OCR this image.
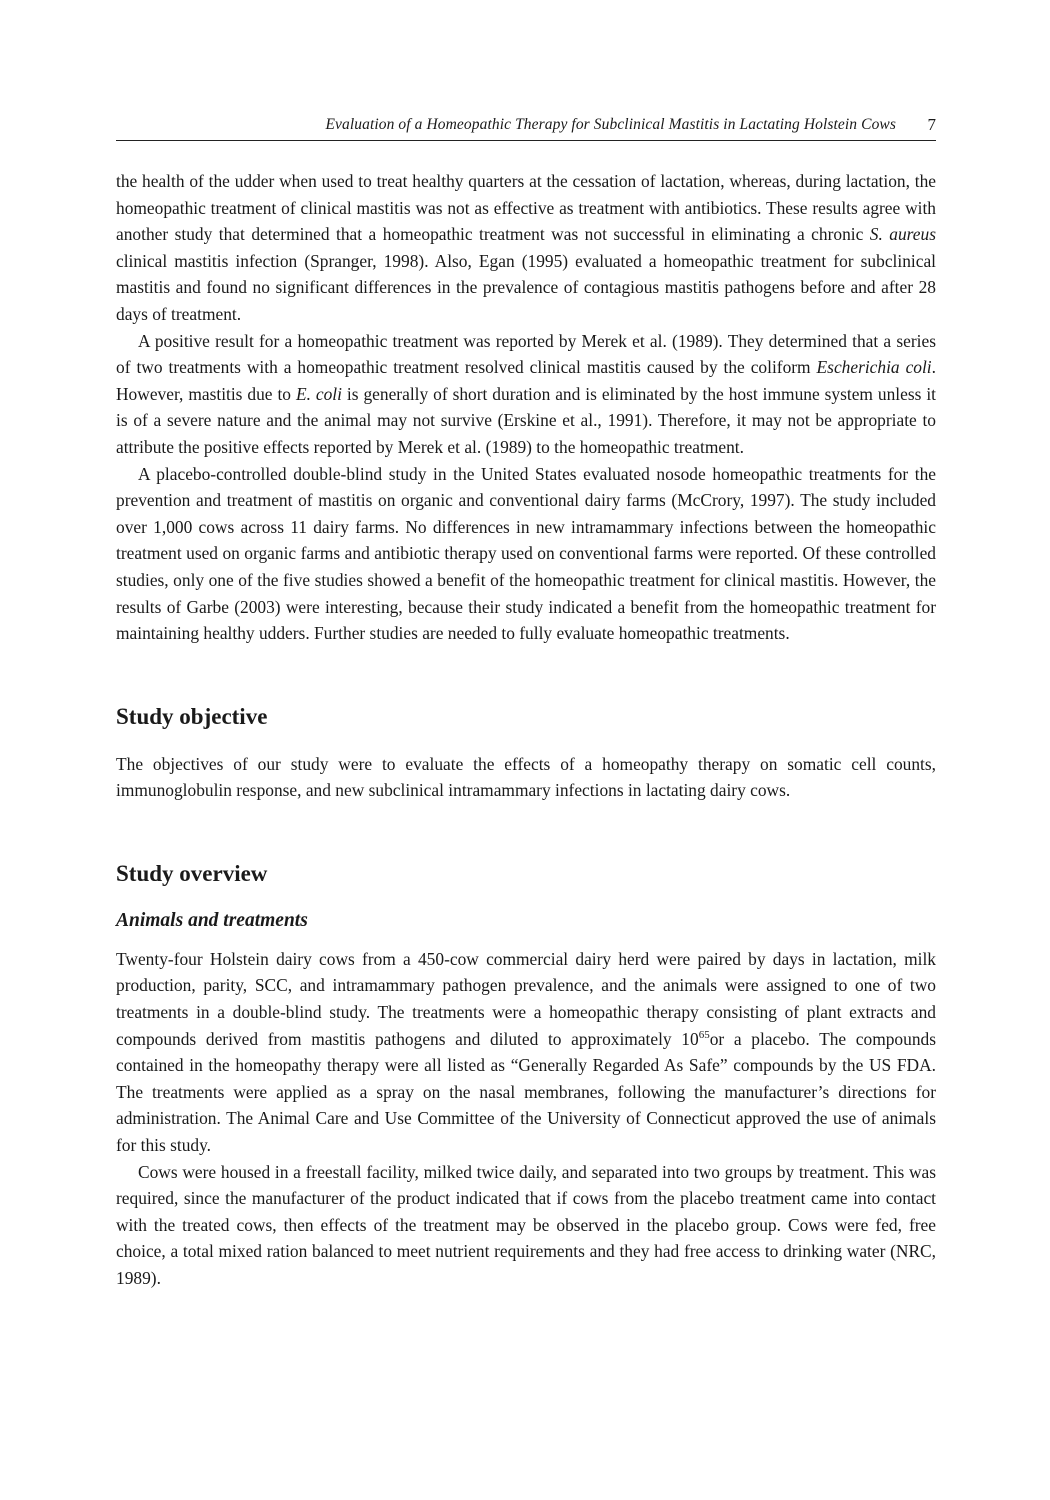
Evaluation of a Homeopathic Therapy for Subclinical Mastitis in Lactating Holstein Cows 7

the health of the udder when used to treat healthy quarters at the cessation of lactation, whereas, during lactation, the homeopathic treatment of clinical mastitis was not as effective as treatment with antibiotics. These results agree with another study that determined that a homeopathic treatment was not successful in eliminating a chronic S. aureus clinical mastitis infection (Spranger, 1998). Also, Egan (1995) evaluated a homeopathic treatment for subclinical mastitis and found no significant differences in the prevalence of contagious mastitis pathogens before and after 28 days of treatment.

A positive result for a homeopathic treatment was reported by Merek et al. (1989). They determined that a series of two treatments with a homeopathic treatment resolved clinical mastitis caused by the coliform Escherichia coli. However, mastitis due to E. coli is generally of short duration and is eliminated by the host immune system unless it is of a severe nature and the animal may not survive (Erskine et al., 1991). Therefore, it may not be appropriate to attribute the positive effects reported by Merek et al. (1989) to the homeopathic treatment.

A placebo-controlled double-blind study in the United States evaluated nosode homeopathic treatments for the prevention and treatment of mastitis on organic and conventional dairy farms (McCrory, 1997). The study included over 1,000 cows across 11 dairy farms. No differences in new intramammary infections between the homeopathic treatment used on organic farms and antibiotic therapy used on conventional farms were reported. Of these controlled studies, only one of the five studies showed a benefit of the homeopathic treatment for clinical mastitis. However, the results of Garbe (2003) were interesting, because their study indicated a benefit from the homeopathic treatment for maintaining healthy udders. Further studies are needed to fully evaluate homeopathic treatments.

Study objective

The objectives of our study were to evaluate the effects of a homeopathy therapy on somatic cell counts, immunoglobulin response, and new subclinical intramammary infections in lactating dairy cows.

Study overview
Animals and treatments

Twenty-four Holstein dairy cows from a 450-cow commercial dairy herd were paired by days in lactation, milk production, parity, SCC, and intramammary pathogen prevalence, and the animals were assigned to one of two treatments in a double-blind study. The treatments were a homeopathic therapy consisting of plant extracts and compounds derived from mastitis pathogens and diluted to approximately $10^{65}or$ a placebo. The compounds contained in the homeopathy therapy were all listed as “Generally Regarded As Safe” compounds by the US FDA. The treatments were applied as a spray on the nasal membranes, following the manufacturer’s directions for administration. The Animal Care and Use Committee of the University of Connecticut approved the use of animals for this study.

Cows were housed in a freestall facility, milked twice daily, and separated into two groups by treatment. This was required, since the manufacturer of the product indicated that if cows from the placebo treatment came into contact with the treated cows, then effects of the treatment may be observed in the placebo group. Cows were fed, free choice, a total mixed ration balanced to meet nutrient requirements and they had free access to drinking water (NRC, 1989).
